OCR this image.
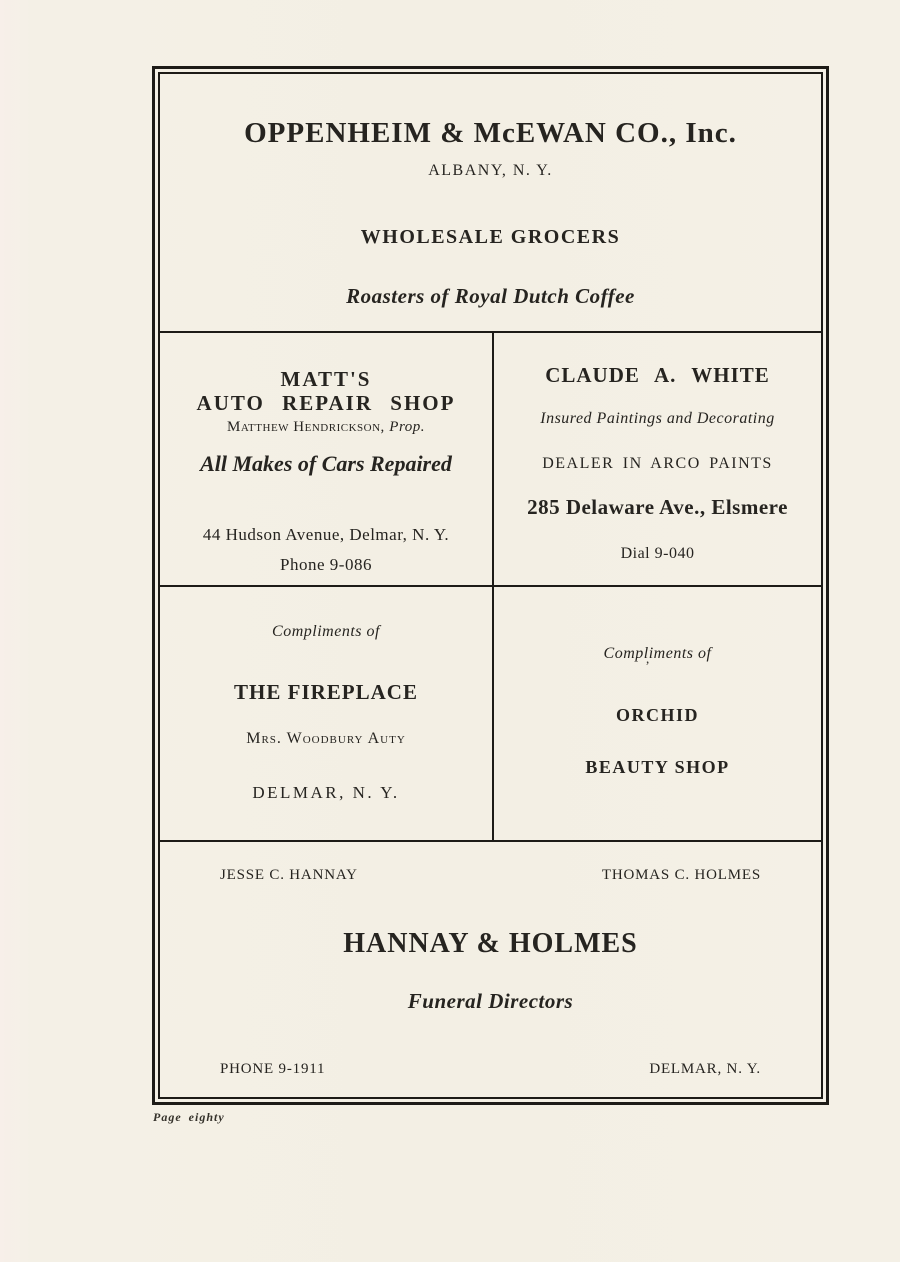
OPPENHEIM & McEWAN CO., Inc.
ALBANY, N. Y.
WHOLESALE GROCERS
Roasters of Royal Dutch Coffee
MATT'S
AUTO REPAIR SHOP
Matthew Hendrickson, Prop.
All Makes of Cars Repaired
44 Hudson Avenue, Delmar, N. Y.
Phone 9-086
CLAUDE A. WHITE
Insured Paintings and Decorating
DEALER IN ARCO PAINTS
285 Delaware Ave., Elsmere
Dial 9-040
Compliments of
THE FIREPLACE
Mrs. Woodbury Auty
DELMAR, N. Y.
Compliments of
’
ORCHID
BEAUTY SHOP
JESSE C. HANNAY	THOMAS C. HOLMES
HANNAY & HOLMES
Funeral Directors
PHONE 9-1911	DELMAR, N. Y.
Page eighty
